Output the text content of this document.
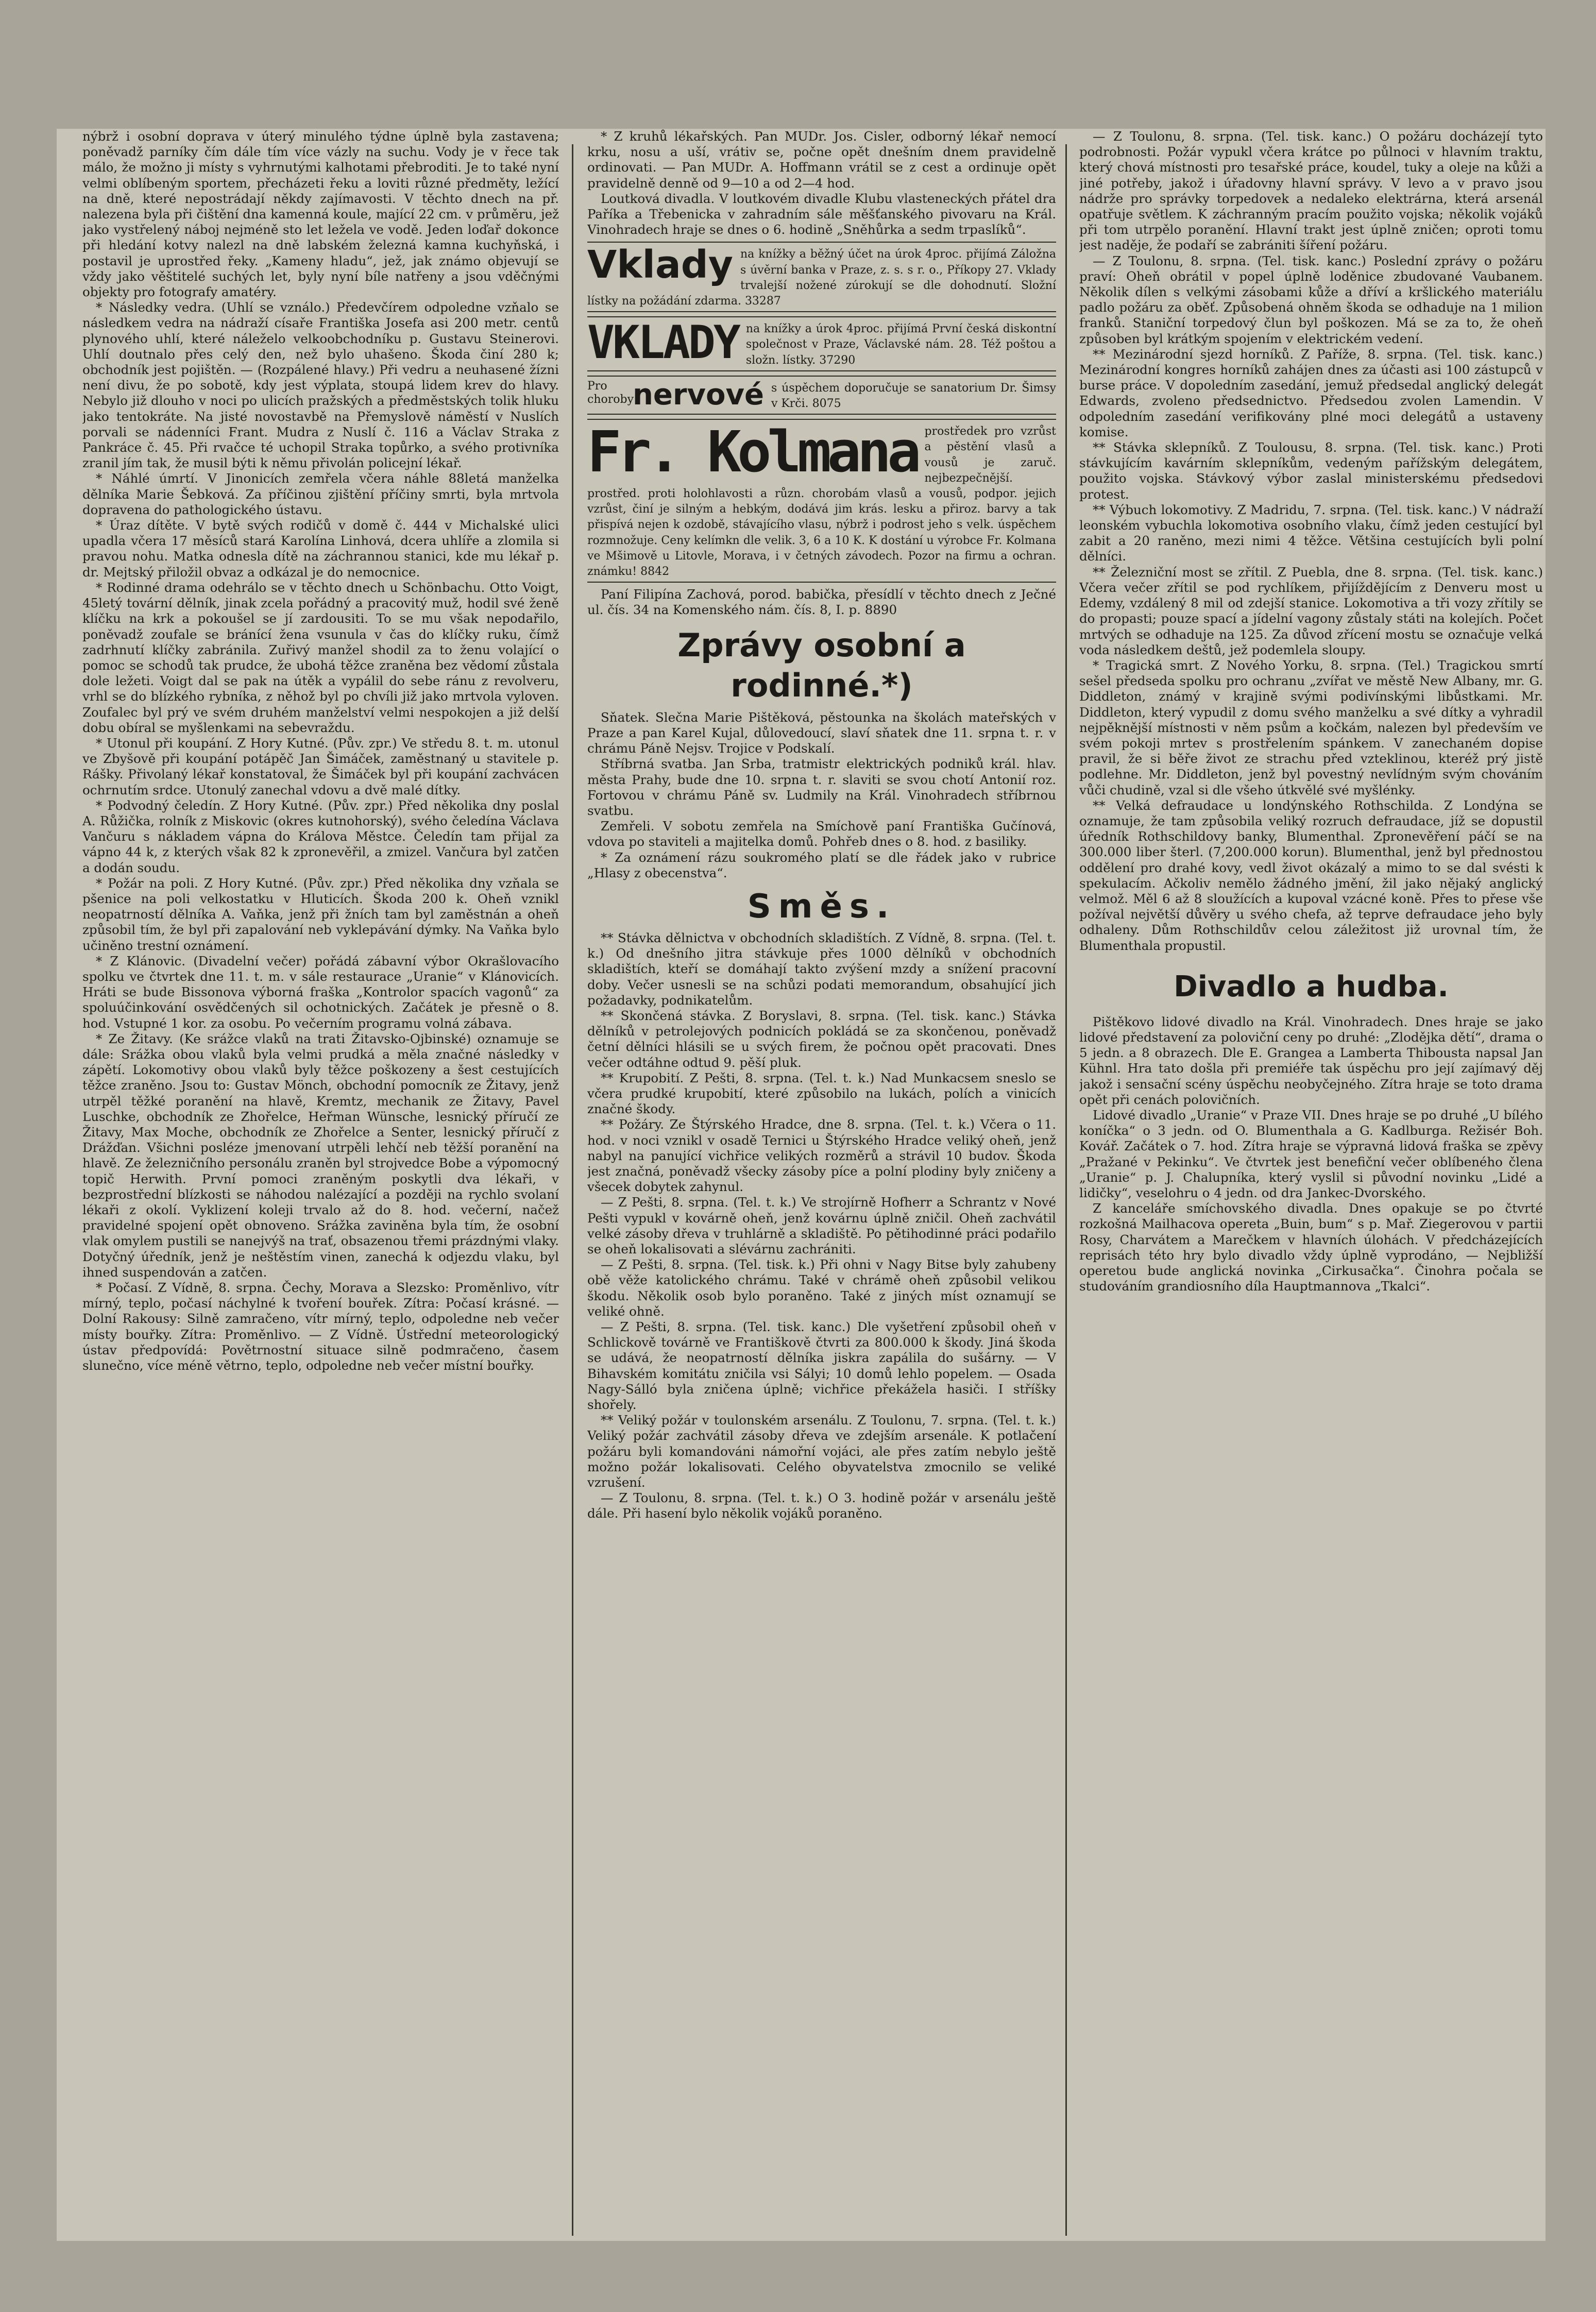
nýbrž i osobní doprava v úterý minulého týdne úplně byla zastavena; poněvadž parníky čím dále tím více vázly na suchu. Vody je v řece tak málo, že možno ji místy s vyhrnutými kalhotami přebroditi. Je to také nyní velmi oblíbeným sportem, přecházeti řeku a loviti různé předměty, ležící na dně, které nepostrádají někdy zajímavosti. V těchto dnech na př. nalezena byla při čištění dna kamenná koule, mající 22 cm. v průměru, jež jako vystřelený náboj nejméně sto let ležela ve vodě. Jeden loďař dokonce při hledání kotvy nalezl na dně labském železná kamna kuchyňská, i postavil je uprostřed řeky. „Kameny hladu“, jež, jak známo objevují se vždy jako věštitelé suchých let, byly nyní bíle natřeny a jsou vděčnými objekty pro fotografy amatéry.

* Následky vedra. (Uhlí se vználo.) Předevčírem odpoledne vzňalo se následkem vedra na nádraží císaře Františka Josefa asi 200 metr. centů plynového uhlí, které náleželo velkoobchodníku p. Gustavu Steinerovi. Uhlí doutnalo přes celý den, než bylo uhašeno. Škoda činí 280 k; obchodník jest pojištěn. — (Rozpálené hlavy.) Při vedru a neuhasené žízni není divu, že po sobotě, kdy jest výplata, stoupá lidem krev do hlavy. Nebylo již dlouho v noci po ulicích pražských a předměstských tolik hluku jako tentokráte. Na jisté novostavbě na Přemyslově náměstí v Nuslích porvali se nádenníci Frant. Mudra z Nuslí č. 116 a Václav Straka z Pankráce č. 45. Při rvačce té uchopil Straka topůrko, a svého protivníka zranil jím tak, že musil býti k němu přivolán policejní lékař.

* Náhlé úmrtí. V Jinonicích zemřela včera náhle 88letá manželka dělníka Marie Šebková. Za příčinou zjištění příčiny smrti, byla mrtvola dopravena do pathologického ústavu.

* Úraz dítěte. V bytě svých rodičů v domě č. 444 v Michalské ulici upadla včera 17 měsíců stará Karolína Linhová, dcera uhlíře a zlomila si pravou nohu. Matka odnesla dítě na záchrannou stanici, kde mu lékař p. dr. Mejtský přiložil obvaz a odkázal je do nemocnice.

* Rodinné drama odehrálo se v těchto dnech u Schönbachu. Otto Voigt, 45letý tovární dělník, jinak zcela pořádný a pracovitý muž, hodil své ženě klíčku na krk a pokoušel se jí zardousiti. To se mu však nepodařilo, poněvadž zoufale se bránící žena vsunula v čas do klíčky ruku, čímž zadrhnutí klíčky zabránila. Zuřivý manžel shodil za to ženu volající o pomoc se schodů tak prudce, že ubohá těžce zraněna bez vědomí zůstala dole ležeti. Voigt dal se pak na útěk a vypálil do sebe ránu z revolveru, vrhl se do blízkého rybníka, z něhož byl po chvíli již jako mrtvola vyloven. Zoufalec byl prý ve svém druhém manželství velmi nespokojen a již delší dobu obíral se myšlenkami na sebevraždu.

* Utonul při koupání. Z Hory Kutné. (Pův. zpr.) Ve středu 8. t. m. utonul ve Zbyšově při koupání potápěč Jan Šimáček, zaměstnaný u stavitele p. Rášky. Přivolaný lékař konstatoval, že Šimáček byl při koupání zachvácen ochrnutím srdce. Utonulý zanechal vdovu a dvě malé dítky.

* Podvodný čeledín. Z Hory Kutné. (Pův. zpr.) Před několika dny poslal A. Růžička, rolník z Miskovic (okres kutnohorský), svého čeledína Václava Vančuru s nákladem vápna do Králova Městce. Čeledín tam přijal za vápno 44 k, z kterých však 82 k zpronevěřil, a zmizel. Vančura byl zatčen a dodán soudu.

* Požár na poli. Z Hory Kutné. (Pův. zpr.) Před několika dny vzňala se pšenice na poli velkostatku v Hluticích. Škoda 200 k. Oheň vznikl neopatrností dělníka A. Vaňka, jenž při žních tam byl zaměstnán a oheň způsobil tím, že byl při zapalování neb vyklepávání dýmky. Na Vaňka bylo učiněno trestní oznámení.

* Z Klánovic. (Divadelní večer) pořádá zábavní výbor Okrašlovacího spolku ve čtvrtek dne 11. t. m. v sále restaurace „Uranie“ v Klánovicích. Hráti se bude Bissonova výborná fraška „Kontrolor spacích vagonů“ za spoluúčinkování osvědčených sil ochotnických. Začátek je přesně o 8. hod. Vstupné 1 kor. za osobu. Po večerním programu volná zábava.

* Ze Žitavy. (Ke srážce vlaků na trati Žitavsko-Ojbinské) oznamuje se dále: Srážka obou vlaků byla velmi prudká a měla značné následky v zápětí. Lokomotivy obou vlaků byly těžce poškozeny a šest cestujících těžce zraněno. Jsou to: Gustav Mönch, obchodní pomocník ze Žitavy, jenž utrpěl těžké poranění na hlavě, Kremtz, mechanik ze Žitavy, Pavel Luschke, obchodník ze Zhořelce, Heřman Wünsche, lesnický příručí ze Žitavy, Max Moche, obchodník ze Zhořelce a Senter, lesnický příručí z Drážďan. Všichni posléze jmenovaní utrpěli lehčí neb těžší poranění na hlavě. Ze železničního personálu zraněn byl strojvedce Bobe a výpomocný topič Herwith. První pomoci zraněným poskytli dva lékaři, v bezprostřední blízkosti se náhodou nalézající a později na rychlo svolaní lékaři z okolí. Vyklizení koleji trvalo až do 8. hod. večerní, načež pravidelné spojení opět obnoveno. Srážka zaviněna byla tím, že osobní vlak omylem pustili se nanejvýš na trať, obsazenou třemi prázdnými vlaky. Dotyčný úředník, jenž je neštěstím vinen, zanechá k odjezdu vlaku, byl ihned suspendován a zatčen.

* Počasí. Z Vídně, 8. srpna. Čechy, Morava a Slezsko: Proměnlivo, vítr mírný, teplo, počasí náchylné k tvoření bouřek. Zítra: Počasí krásné. — Dolní Rakousy: Silně zamračeno, vítr mírný, teplo, odpoledne neb večer místy bouřky. Zítra: Proměnlivo. — Z Vídně. Ústřední meteorologický ústav předpovídá: Povětrnostní situace silně podmračeno, časem slunečno, více méně větrno, teplo, odpoledne neb večer místní bouřky.

* Z kruhů lékařských. Pan MUDr. Jos. Cisler, odborný lékař nemocí krku, nosu a uší, vrátiv se, počne opět dnešním dnem pravidelně ordinovati. — Pan MUDr. A. Hoffmann vrátil se z cest a ordinuje opět pravidelně denně od 9—10 a od 2—4 hod.

Loutková divadla. V loutkovém divadle Klubu vlasteneckých přátel dra Paříka a Třebenicka v zahradním sále měšťanského pivovaru na Král. Vinohradech hraje se dnes o 6. hodině „Sněhůrka a sedm trpaslíků“.

Vklady na knížky a běžný účet na úrok 4proc. přijímá Záložna s úvěrní banka v Praze, z. s. s r. o., Příkopy 27. Vklady trvalejší nožené zúrokují se dle dohodnutí. Složní lístky na požádání zdarma. 33287
VKLADY na knížky a úrok 4proc. přijímá První česká diskontní společnost v Praze, Václavské nám. 28. Též poštou a složn. lístky. 37290
Pro choroby
nervové s úspěchem doporučuje se sanatorium Dr. Šimsy v Krči. 8075
Fr. Kolmana prostředek pro vzrůst a pěstění vlasů a vousů je zaruč. nejbezpečnější. prostřed. proti holohlavosti a různ. chorobám vlasů a vousů, podpor. jejich vzrůst, činí je silným a hebkým, dodává jim krás. lesku a přiroz. barvy a tak přispívá nejen k ozdobě, stávajícího vlasu, nýbrž i podrost jeho s velk. úspěchem rozmnožuje. Ceny kelímkn dle velik. 3, 6 a 10 K. K dostání u výrobce Fr. Kolmana ve Mšimově u Litovle, Morava, i v četných závodech. Pozor na firmu a ochran. známku! 8842

Paní Filipína Zachová, porod. babička, přesídlí v těchto dnech z Ječné ul. čís. 34 na Komenského nám. čís. 8, I. p. 8890

Zprávy osobní a rodinné.*)

Sňatek. Slečna Marie Pištěková, pěstounka na školách mateřských v Praze a pan Karel Kujal, důlovedoucí, slaví sňatek dne 11. srpna t. r. v chrámu Páně Nejsv. Trojice v Podskalí.

Stříbrná svatba. Jan Srba, tratmistr elektrických podniků král. hlav. města Prahy, bude dne 10. srpna t. r. slaviti se svou chotí Antonií roz. Fortovou v chrámu Páně sv. Ludmily na Král. Vinohradech stříbrnou svatbu.

Zemřeli. V sobotu zemřela na Smíchově paní Františka Gučínová, vdova po staviteli a majitelka domů. Pohřeb dnes o 8. hod. z basiliky.

* Za oznámení rázu soukromého platí se dle řádek jako v rubrice „Hlasy z obecenstva“.

Směs.

** Stávka dělnictva v obchodních skladištích. Z Vídně, 8. srpna. (Tel. t. k.) Od dnešního jitra stávkuje přes 1000 dělníků v obchodních skladištích, kteří se domáhají takto zvýšení mzdy a snížení pracovní doby. Večer usnesli se na schůzi podati memorandum, obsahující jich požadavky, podnikatelům.

** Skončená stávka. Z Boryslavi, 8. srpna. (Tel. tisk. kanc.) Stávka dělníků v petrolejových podnicích pokládá se za skončenou, poněvadž četní dělníci hlásili se u svých firem, že počnou opět pracovati. Dnes večer odtáhne odtud 9. pěší pluk.

** Krupobití. Z Pešti, 8. srpna. (Tel. t. k.) Nad Munkacsem sneslo se včera prudké krupobití, které způsobilo na lukách, polích a vinicích značné škody.

** Požáry. Ze Štýrského Hradce, dne 8. srpna. (Tel. t. k.) Včera o 11. hod. v noci vznikl v osadě Ternici u Štýrského Hradce veliký oheň, jenž nabyl na panující vichřice velikých rozměrů a strávil 10 budov. Škoda jest značná, poněvadž všecky zásoby píce a polní plodiny byly zničeny a všecek dobytek zahynul.

— Z Pešti, 8. srpna. (Tel. t. k.) Ve strojírně Hofherr a Schrantz v Nové Pešti vypukl v kovárně oheň, jenž kovárnu úplně zničil. Oheň zachvátil velké zásoby dřeva v truhlárně a skladiště. Po pětihodinné práci podařilo se oheň lokalisovati a slévárnu zachrániti.

— Z Pešti, 8. srpna. (Tel. tisk. k.) Při ohni v Nagy Bitse byly zahubeny obě věže katolického chrámu. Také v chrámě oheň způsobil velikou škodu. Několik osob bylo poraněno. Také z jiných míst oznamují se veliké ohně.

— Z Pešti, 8. srpna. (Tel. tisk. kanc.) Dle vyšetření způsobil oheň v Schlickově továrně ve Františkově čtvrti za 800.000 k škody. Jiná škoda se udává, že neopatrností dělníka jiskra zapálila do sušárny. — V Bihavském komitátu zničila vsi Sályi; 10 domů lehlo popelem. — Osada Nagy-Sálló byla zničena úplně; vichřice překážela hasiči. I stříšky shořely.

** Veliký požár v toulonském arsenálu. Z Toulonu, 7. srpna. (Tel. t. k.) Veliký požár zachvátil zásoby dřeva ve zdejším arsenále. K potlačení požáru byli komandováni námořní vojáci, ale přes zatím nebylo ještě možno požár lokalisovati. Celého obyvatelstva zmocnilo se veliké vzrušení.

— Z Toulonu, 8. srpna. (Tel. t. k.) O 3. hodině požár v arsenálu ještě dále. Při hasení bylo několik vojáků poraněno.

— Z Toulonu, 8. srpna. (Tel. tisk. kanc.) O požáru docházejí tyto podrobnosti. Požár vypukl včera krátce po půlnoci v hlavním traktu, který chová místnosti pro tesařské práce, koudel, tuky a oleje na kůži a jiné potřeby, jakož i úřadovny hlavní správy. V levo a v pravo jsou nádrže pro správky torpedovek a nedaleko elektrárna, která arsenál opatřuje světlem. K záchranným pracím použito vojska; několik vojáků při tom utrpělo poranění. Hlavní trakt jest úplně zničen; oproti tomu jest naděje, že podaří se zabrániti šíření požáru.

— Z Toulonu, 8. srpna. (Tel. tisk. kanc.) Poslední zprávy o požáru praví: Oheň obrátil v popel úplně loděnice zbudované Vaubanem. Několik dílen s velkými zásobami kůže a dříví a kršlického materiálu padlo požáru za oběť. Způsobená ohněm škoda se odhaduje na 1 milion franků. Staniční torpedový člun byl poškozen. Má se za to, že oheň způsoben byl krátkým spojením v elektrickém vedení.

** Mezinárodní sjezd horníků. Z Paříže, 8. srpna. (Tel. tisk. kanc.) Mezinárodní kongres horníků zahájen dnes za účasti asi 100 zástupců v burse práce. V dopoledním zasedání, jemuž předsedal anglický delegát Edwards, zvoleno předsednictvo. Předsedou zvolen Lamendin. V odpoledním zasedání verifikovány plné moci delegátů a ustaveny komise.

** Stávka sklepníků. Z Toulousu, 8. srpna. (Tel. tisk. kanc.) Proti stávkujícím kavárním sklepníkům, vedeným pařížským delegátem, použito vojska. Stávkový výbor zaslal ministerskému předsedovi protest.

** Výbuch lokomotivy. Z Madridu, 7. srpna. (Tel. tisk. kanc.) V nádraží leonském vybuchla lokomotiva osobního vlaku, čímž jeden cestující byl zabit a 20 raněno, mezi nimi 4 těžce. Většina cestujících byli polní dělníci.

** Železniční most se zřítil. Z Puebla, dne 8. srpna. (Tel. tisk. kanc.) Včera večer zřítil se pod rychlíkem, přijíždějícím z Denveru most u Edemy, vzdálený 8 mil od zdejší stanice. Lokomotiva a tři vozy zřítily se do propasti; pouze spací a jídelní vagony zůstaly státi na kolejích. Počet mrtvých se odhaduje na 125. Za důvod zřícení mostu se označuje velká voda následkem deštů, jež podemlela sloupy.

* Tragická smrt. Z Nového Yorku, 8. srpna. (Tel.) Tragickou smrtí sešel předseda spolku pro ochranu „zvířat ve městě New Albany, mr. G. Diddleton, známý v krajině svými podivínskými libůstkami. Mr. Diddleton, který vypudil z domu svého manželku a své dítky a vyhradil nejpěknější místnosti v něm psům a kočkám, nalezen byl především ve svém pokoji mrtev s prostřelením spánkem. V zanechaném dopise pravil, že si běře život ze strachu před vzteklinou, kteréž prý jistě podlehne. Mr. Diddleton, jenž byl povestný nevlídným svým chováním vůči chudině, vzal si dle všeho útkvělé své myšlénky.

** Velká defraudace u londýnského Rothschilda. Z Londýna se oznamuje, že tam způsobila veliký rozruch defraudace, jíž se dopustil úředník Rothschildovy banky, Blumenthal. Zpronevěření páčí se na 300.000 liber šterl. (7,200.000 korun). Blumenthal, jenž byl přednostou oddělení pro drahé kovy, vedl život okázalý a mimo to se dal svésti k spekulacím. Ačkoliv nemělo žádného jmění, žil jako nějaký anglický velmož. Měl 6 až 8 sloužících a kupoval vzácné koně. Přes to přese vše požíval největší důvěry u svého chefa, až teprve defraudace jeho byly odhaleny. Dům Rothschildův celou záležitost již urovnal tím, že Blumenthala propustil.

Divadlo a hudba.

Pištěkovo lidové divadlo na Král. Vinohradech. Dnes hraje se jako lidové představení za poloviční ceny po druhé: „Zlodějka dětí“, drama o 5 jedn. a 8 obrazech. Dle E. Grangea a Lamberta Thibousta napsal Jan Kühnl. Hra tato došla při premiéře tak úspěchu pro její zajímavý děj jakož i sensační scény úspěchu neobyčejného. Zítra hraje se toto drama opět při cenách polovičních.

Lidové divadlo „Uranie“ v Praze VII. Dnes hraje se po druhé „U bílého koníčka“ o 3 jedn. od O. Blumenthala a G. Kadlburga. Režisér Boh. Kovář. Začátek o 7. hod. Zítra hraje se výpravná lidová fraška se zpěvy „Pražané v Pekinku“. Ve čtvrtek jest benefiční večer oblíbeného člena „Uranie“ p. J. Chalupníka, který vyslil si původní novinku „Lidé a lidičky“, veselohru o 4 jedn. od dra Jankec-Dvorského.

Z kanceláře smíchovského divadla. Dnes opakuje se po čtvrté rozkošná Mailhacova opereta „Buin, bum“ s p. Mař. Ziegerovou v partii Rosy, Charvátem a Marečkem v hlavních úlohách. V předcházejících reprisách této hry bylo divadlo vždy úplně vyprodáno, — Nejbližší operetou bude anglická novinka „Cirkusačka“. Činohra počala se studováním grandiosního díla Hauptmannova „Tkalci“.
